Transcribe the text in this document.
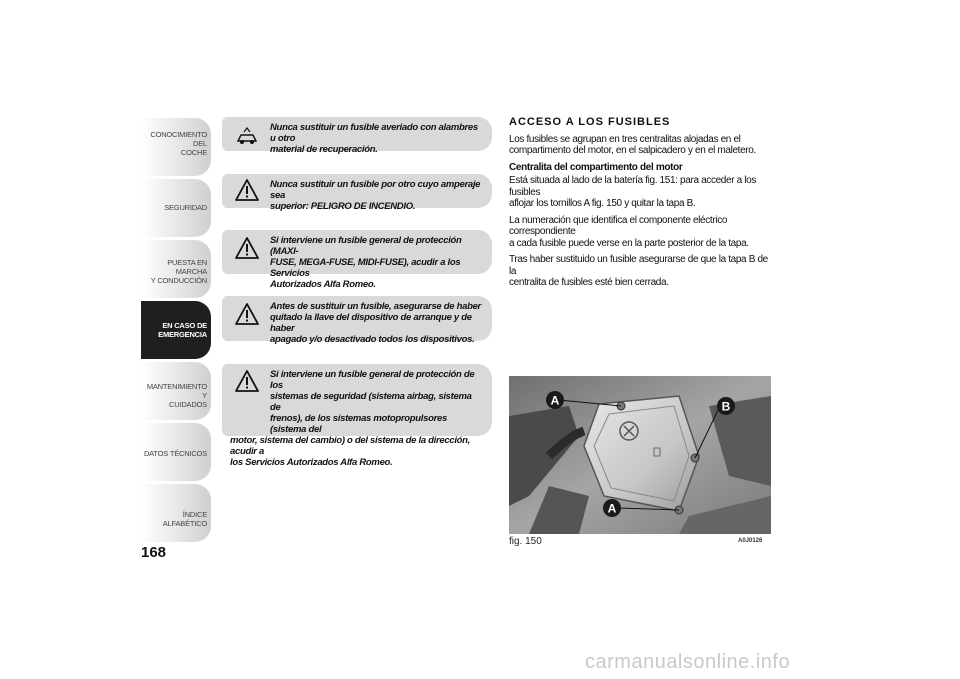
CONOCIMIENTO DEL
COCHE
SEGURIDAD
PUESTA EN MARCHA
Y CONDUCCIÓN
EN CASO DE
EMERGENCIA
MANTENIMIENTO Y
CUIDADOS
DATOS TÉCNICOS
ÍNDICE ALFABÉTICO
168
Nunca sustituir un fusible averiado con alambres u otro
material de recuperación.
Nunca sustituir un fusible por otro cuyo amperaje sea
superior: PELIGRO DE INCENDIO.
Si interviene un fusible general de protección (MAXI-
FUSE, MEGA-FUSE, MIDI-FUSE), acudir a los Servicios
Autorizados Alfa Romeo.
Antes de sustituir un fusible, asegurarse de haber
quitado la llave del dispositivo de arranque y de haber
apagado y/o desactivado todos los dispositivos.
Si interviene un fusible general de protección de los
sistemas de seguridad (sistema airbag, sistema de
frenos), de los sistemas motopropulsores (sistema del
motor, sistema del cambio) o del sistema de la dirección, acudir a
los Servicios Autorizados Alfa Romeo.
ACCESO A LOS FUSIBLES
Los fusibles se agrupan en tres centralitas alojadas en el
compartimento del motor, en el salpicadero y en el maletero.
Centralita del compartimento del motor
Está situada al lado de la batería fig. 151: para acceder a los fusibles
aflojar los tornillos A fig. 150 y quitar la tapa B.
La numeración que identifica el componente eléctrico correspondiente
a cada fusible puede verse en la parte posterior de la tapa.
Tras haber sustituido un fusible asegurarse de que la tapa B de la
centralita de fusibles esté bien cerrada.
A	B
A
fig. 150	A0J0126
carmanualsonline.info
